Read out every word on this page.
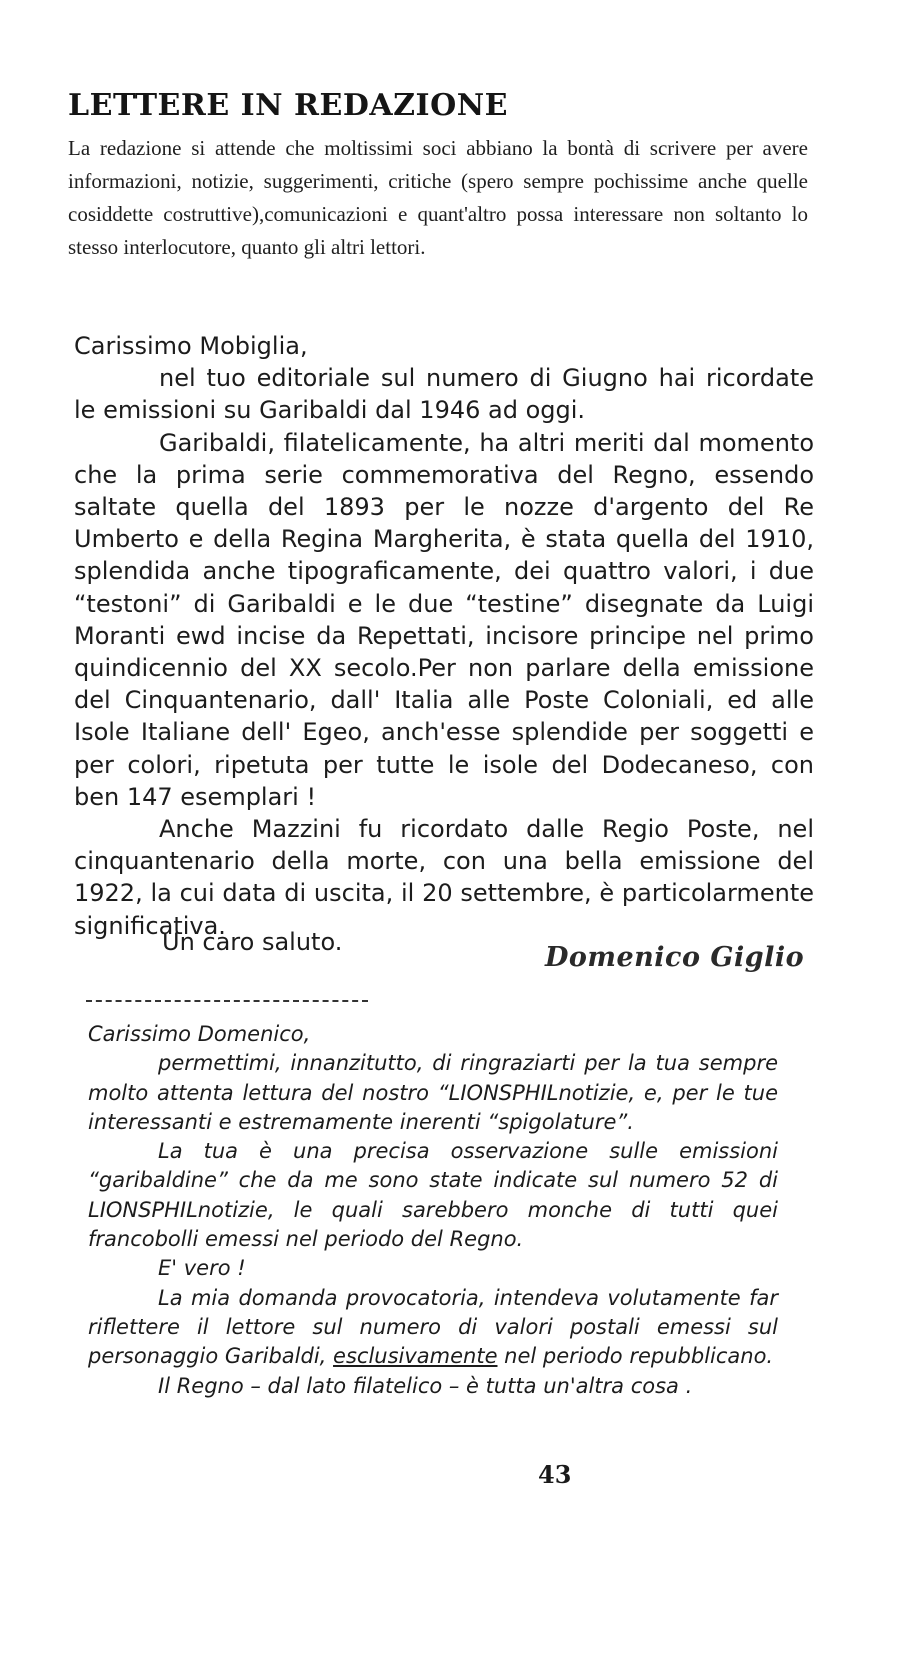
LETTERE IN REDAZIONE
La redazione si attende che moltissimi soci abbiano la bontà di scrivere per avere informazioni, notizie, suggerimenti, critiche (spero sempre pochissime anche quelle cosiddette costruttive),comunicazioni e quant'altro possa interessare non soltanto lo stesso interlocutore, quanto gli altri lettori.

Carissimo Mobiglia,

nel tuo editoriale sul numero di Giugno hai ricordate le emissioni su Garibaldi dal 1946 ad oggi.

Garibaldi, filatelicamente, ha altri meriti dal momento che la prima serie commemorativa del Regno, essendo saltate quella del 1893 per le nozze d'argento del Re Umberto e della Regina Margherita, è stata quella del 1910, splendida anche tipograficamente, dei quattro valori, i due “testoni” di Garibaldi e le due “testine” disegnate da Luigi Moranti ewd incise da Repettati, incisore principe nel primo quindicennio del XX secolo.Per non parlare della emissione del Cinquantenario, dall' Italia alle Poste Coloniali, ed alle Isole Italiane dell' Egeo, anch'esse splendide per soggetti e per colori, ripetuta per tutte le isole del Dodecaneso, con ben 147 esemplari !

Anche Mazzini fu ricordato dalle Regio Poste, nel cinquantenario della morte, con una bella emissione del 1922, la cui data di uscita, il 20 settembre, è particolarmente significativa.

Un caro saluto.	Domenico Giglio

Carissimo Domenico,

permettimi, innanzitutto, di ringraziarti per la tua sempre molto attenta lettura del nostro “LIONSPHILnotizie, e, per le tue interessanti e estremamente inerenti “spigolature”.

La tua è una precisa osservazione sulle emissioni “garibaldine” che da me sono state indicate sul numero 52 di LIONSPHILnotizie, le quali sarebbero monche di tutti quei francobolli emessi nel periodo del Regno.

E' vero !

La mia domanda provocatoria, intendeva volutamente far riflettere il lettore sul numero di valori postali emessi sul personaggio Garibaldi, esclusivamente nel periodo repubblicano.

Il Regno – dal lato filatelico – è tutta un'altra cosa .

43
